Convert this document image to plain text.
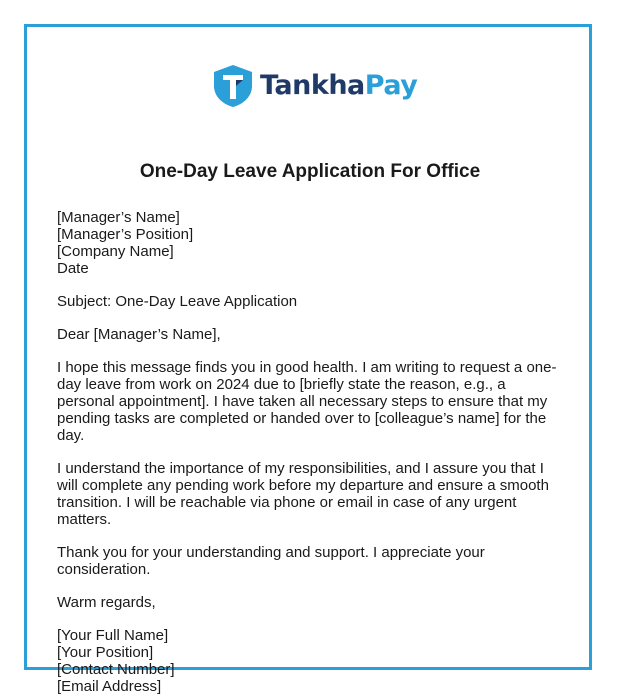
TankhaPay
One-Day Leave Application For Office

[Manager’s Name]

[Manager’s Position]

[Company Name]

Date

Subject: One-Day Leave Application

Dear [Manager’s Name],

I hope this message finds you in good health. I am writing to request a one-day leave from work on 2024 due to [briefly state the reason, e.g., a personal appointment]. I have taken all necessary steps to ensure that my pending tasks are completed or handed over to [colleague’s name] for the day.

I understand the importance of my responsibilities, and I assure you that I will complete any pending work before my departure and ensure a smooth transition. I will be reachable via phone or email in case of any urgent matters.

Thank you for your understanding and support. I appreciate your consideration.

Warm regards,

[Your Full Name]

[Your Position]

[Contact Number]

[Email Address]
